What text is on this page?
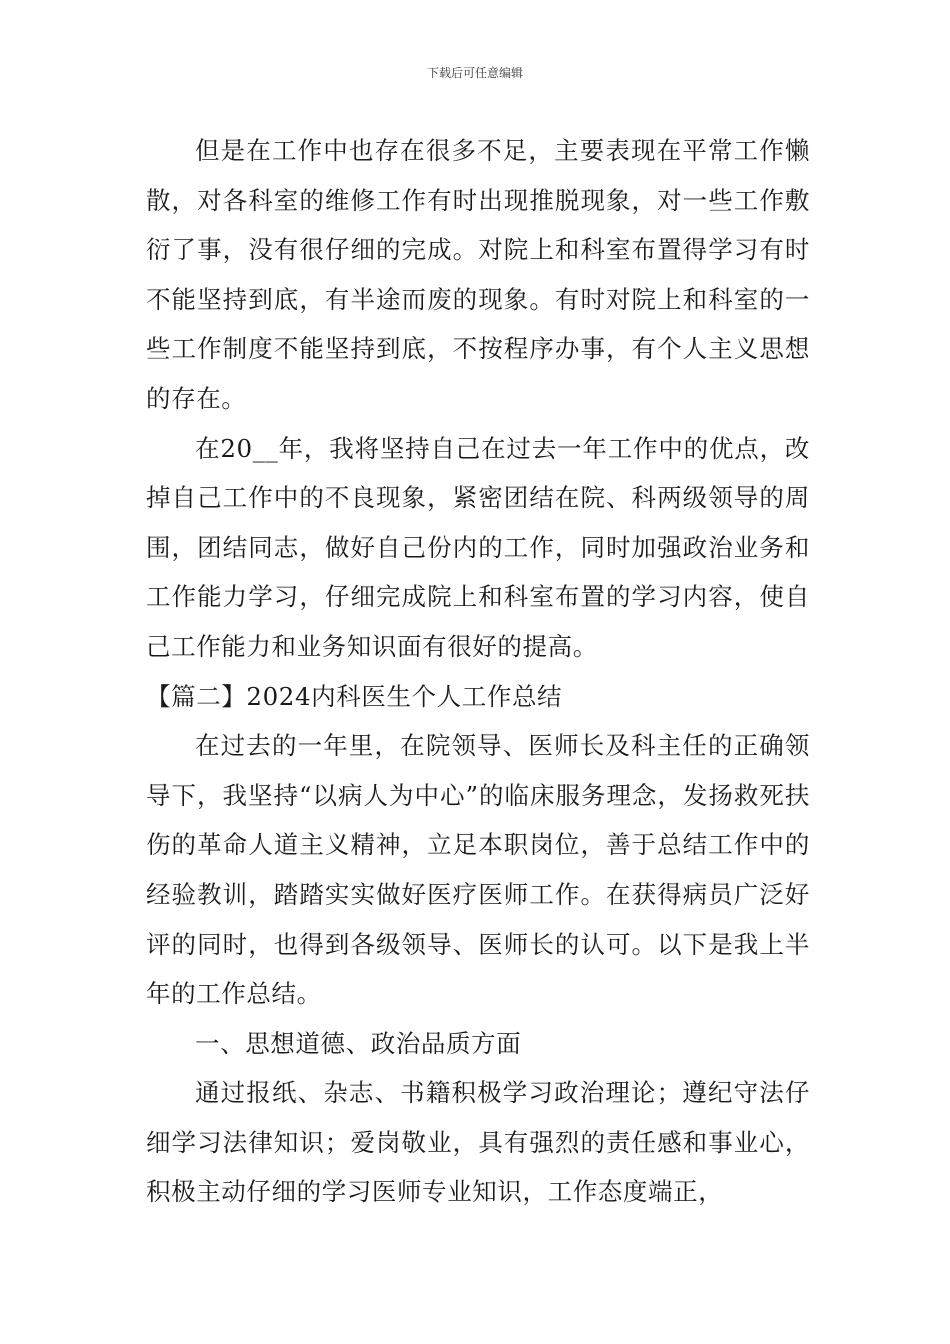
下载后可任意编辑

但是在工作中也存在很多不足，主要表现在平常工作懒散，对各科室的维修工作有时出现推脱现象，对一些工作敷衍了事，没有很仔细的完成。对院上和科室布置得学习有时不能坚持到底，有半途而废的现象。有时对院上和科室的一些工作制度不能坚持到底，不按程序办事，有个人主义思想的存在。

在20__年，我将坚持自己在过去一年工作中的优点，改掉自己工作中的不良现象，紧密团结在院、科两级领导的周围，团结同志，做好自己份内的工作，同时加强政治业务和工作能力学习，仔细完成院上和科室布置的学习内容，使自己工作能力和业务知识面有很好的提高。

【篇二】2024内科医生个人工作总结

在过去的一年里，在院领导、医师长及科主任的正确领导下，我坚持“以病人为中心”的临床服务理念，发扬救死扶伤的革命人道主义精神，立足本职岗位，善于总结工作中的经验教训，踏踏实实做好医疗医师工作。在获得病员广泛好评的同时，也得到各级领导、医师长的认可。以下是我上半年的工作总结。

一、思想道德、政治品质方面

通过报纸、杂志、书籍积极学习政治理论；遵纪守法仔细学习法律知识；爱岗敬业，具有强烈的责任感和事业心，积极主动仔细的学习医师专业知识，工作态度端正，
